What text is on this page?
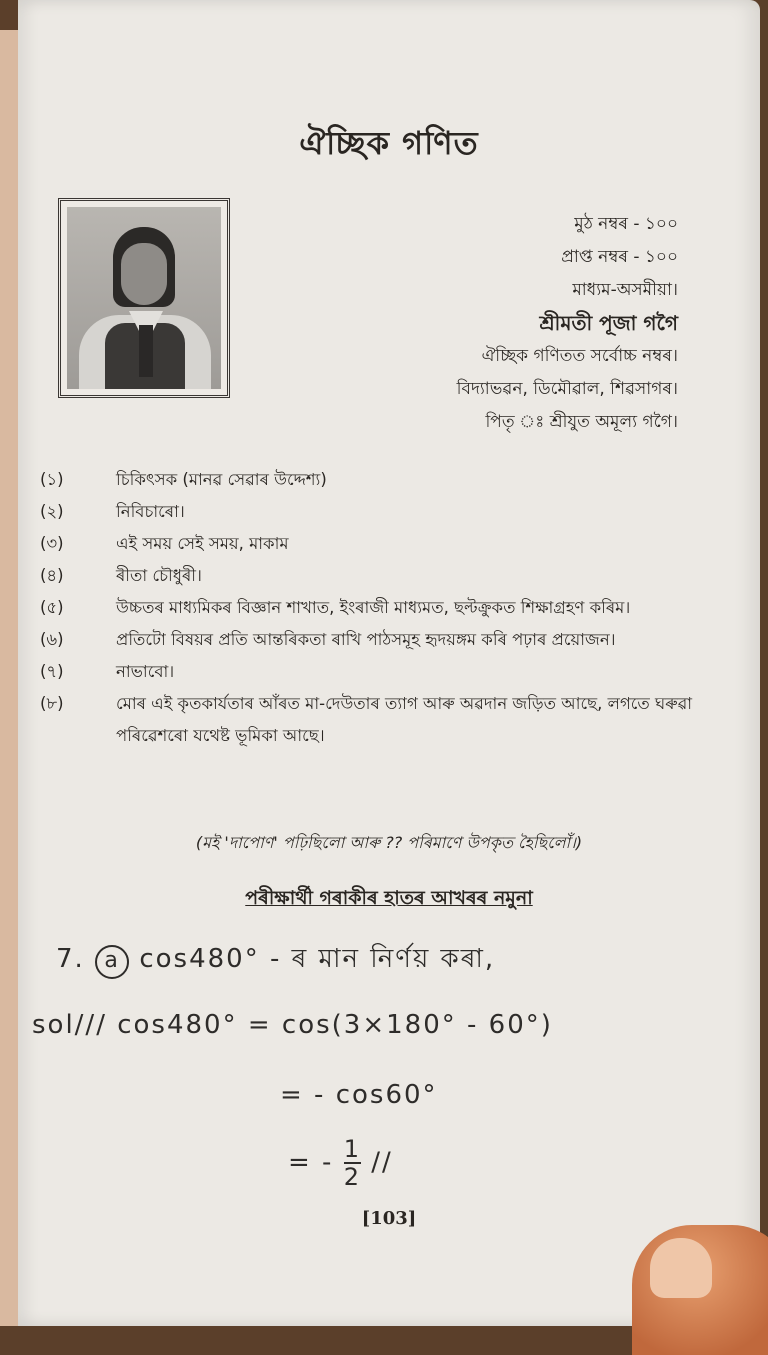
ঐচ্ছিক গণিত
মুঠ নম্বৰ - ১০০
প্ৰাপ্ত নম্বৰ - ১০০
মাধ্যম-অসমীয়া।
শ্ৰীমতী পূজা গগৈ
ঐচ্ছিক গণিতত সৰ্বোচ্চ নম্বৰ।
বিদ্যাভৱন, ডিমৌৱাল, শিৱসাগৰ।
পিতৃ ঃ শ্ৰীযুত অমূল্য গগৈ।
(১)	চিকিৎসক (মানৱ সেৱাৰ উদ্দেশ্য)
(২)	নিবিচাৰো।
(৩)	এই সময় সেই সময়, মাকাম
(৪)	ৰীতা চৌধুৰী।
(৫)	উচ্চতৰ মাধ্যমিকৰ বিজ্ঞান শাখাত, ইংৰাজী মাধ্যমত, ছল্টক্ৰুকত শিক্ষাগ্ৰহণ কৰিম।
(৬)	প্ৰতিটো বিষয়ৰ প্ৰতি আন্তৰিকতা ৰাখি পাঠসমূহ হৃদয়ঙ্গম কৰি পঢ়াৰ প্ৰয়োজন।
(৭)	নাভাবো।
(৮)	মোৰ এই কৃতকাৰ্যতাৰ আঁৰত মা-দেউতাৰ ত্যাগ আৰু অৱদান জড়িত আছে, লগতে ঘৰুৱা পৰিৱেশৰো যথেষ্ট ভূমিকা আছে।
(মই 'দাপোণ' পঢ়িছিলো আৰু ?? পৰিমাণে উপকৃত হৈছিলোঁ।)
পৰীক্ষাৰ্থী গৰাকীৰ হাতৰ আখৰৰ নমুনা
7. a cos480° - ৰ মান নিৰ্ণয় কৰা,
sol/// cos480° = cos(3×180° - 60°)
= - cos60°
= - $\frac{1}{2}$ //
[103]
